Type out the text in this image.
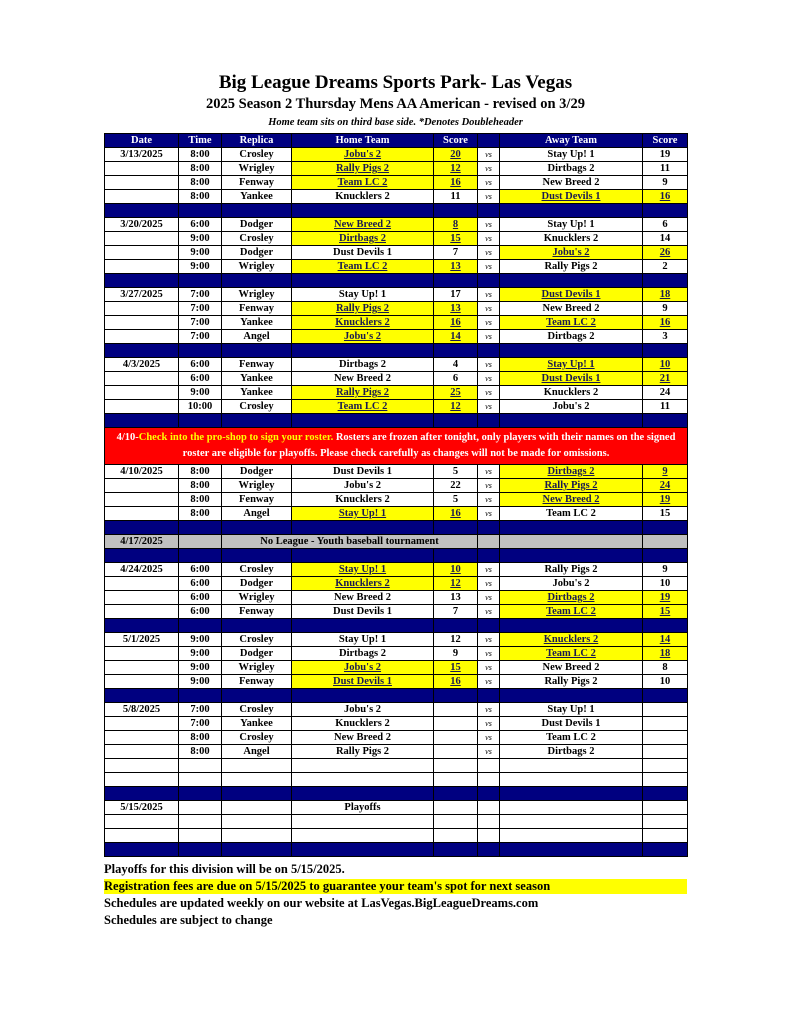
Big League Dreams Sports Park- Las Vegas
2025 Season 2 Thursday Mens AA American - revised on 3/29
Home team sits on third base side. *Denotes Doubleheader
Date	Time	Replica	Home Team	Score		Away Team	Score
3/13/2025	8:00	Crosley	Jobu's 2	20	vs	Stay Up! 1	19
	8:00	Wrigley	Rally Pigs 2	12	vs	Dirtbags 2	11
	8:00	Fenway	Team LC 2	16	vs	New Breed 2	9
	8:00	Yankee	Knucklers 2	11	vs	Dust Devils 1	16

3/20/2025	6:00	Dodger	New Breed 2	8	vs	Stay Up! 1	6
	9:00	Crosley	Dirtbags 2	15	vs	Knucklers 2	14
	9:00	Dodger	Dust Devils 1	7	vs	Jobu's 2	26
	9:00	Wrigley	Team LC 2	13	vs	Rally Pigs 2	2

3/27/2025	7:00	Wrigley	Stay Up! 1	17	vs	Dust Devils 1	18
	7:00	Fenway	Rally Pigs 2	13	vs	New Breed 2	9
	7:00	Yankee	Knucklers 2	16	vs	Team LC 2	16
	7:00	Angel	Jobu's 2	14	vs	Dirtbags 2	3

4/3/2025	6:00	Fenway	Dirtbags 2	4	vs	Stay Up! 1	10
	6:00	Yankee	New Breed 2	6	vs	Dust Devils 1	21
	9:00	Yankee	Rally Pigs 2	25	vs	Knucklers 2	24
	10:00	Crosley	Team LC 2	12	vs	Jobu's 2	11

4/10-Check into the pro-shop to sign your roster. Rosters are frozen after tonight, only players with their names on the signed roster are eligible for playoffs. Please check carefully as changes will not be made for omissions.							
4/10/2025	8:00	Dodger	Dust Devils 1	5	vs	Dirtbags 2	9
	8:00	Wrigley	Jobu's 2	22	vs	Rally Pigs 2	24
	8:00	Fenway	Knucklers 2	5	vs	New Breed 2	19
	8:00	Angel	Stay Up! 1	16	vs	Team LC 2	15

4/17/2025		No League - Youth baseball tournament					

4/24/2025	6:00	Crosley	Stay Up! 1	10	vs	Rally Pigs 2	9
	6:00	Dodger	Knucklers 2	12	vs	Jobu's 2	10
	6:00	Wrigley	New Breed 2	13	vs	Dirtbags 2	19
	6:00	Fenway	Dust Devils 1	7	vs	Team LC 2	15

5/1/2025	9:00	Crosley	Stay Up! 1	12	vs	Knucklers 2	14
	9:00	Dodger	Dirtbags 2	9	vs	Team LC 2	18
	9:00	Wrigley	Jobu's 2	15	vs	New Breed 2	8
	9:00	Fenway	Dust Devils 1	16	vs	Rally Pigs 2	10

5/8/2025	7:00	Crosley	Jobu's 2		vs	Stay Up! 1	
	7:00	Yankee	Knucklers 2		vs	Dust Devils 1	
	8:00	Crosley	New Breed 2		vs	Team LC 2	
	8:00	Angel	Rally Pigs 2		vs	Dirtbags 2	

5/15/2025			Playoffs				

Playoffs for this division will be on 5/15/2025.
Registration fees are due on 5/15/2025 to guarantee your team's spot for next season
Schedules are updated weekly on our website at LasVegas.BigLeagueDreams.com
Schedules are subject to change
